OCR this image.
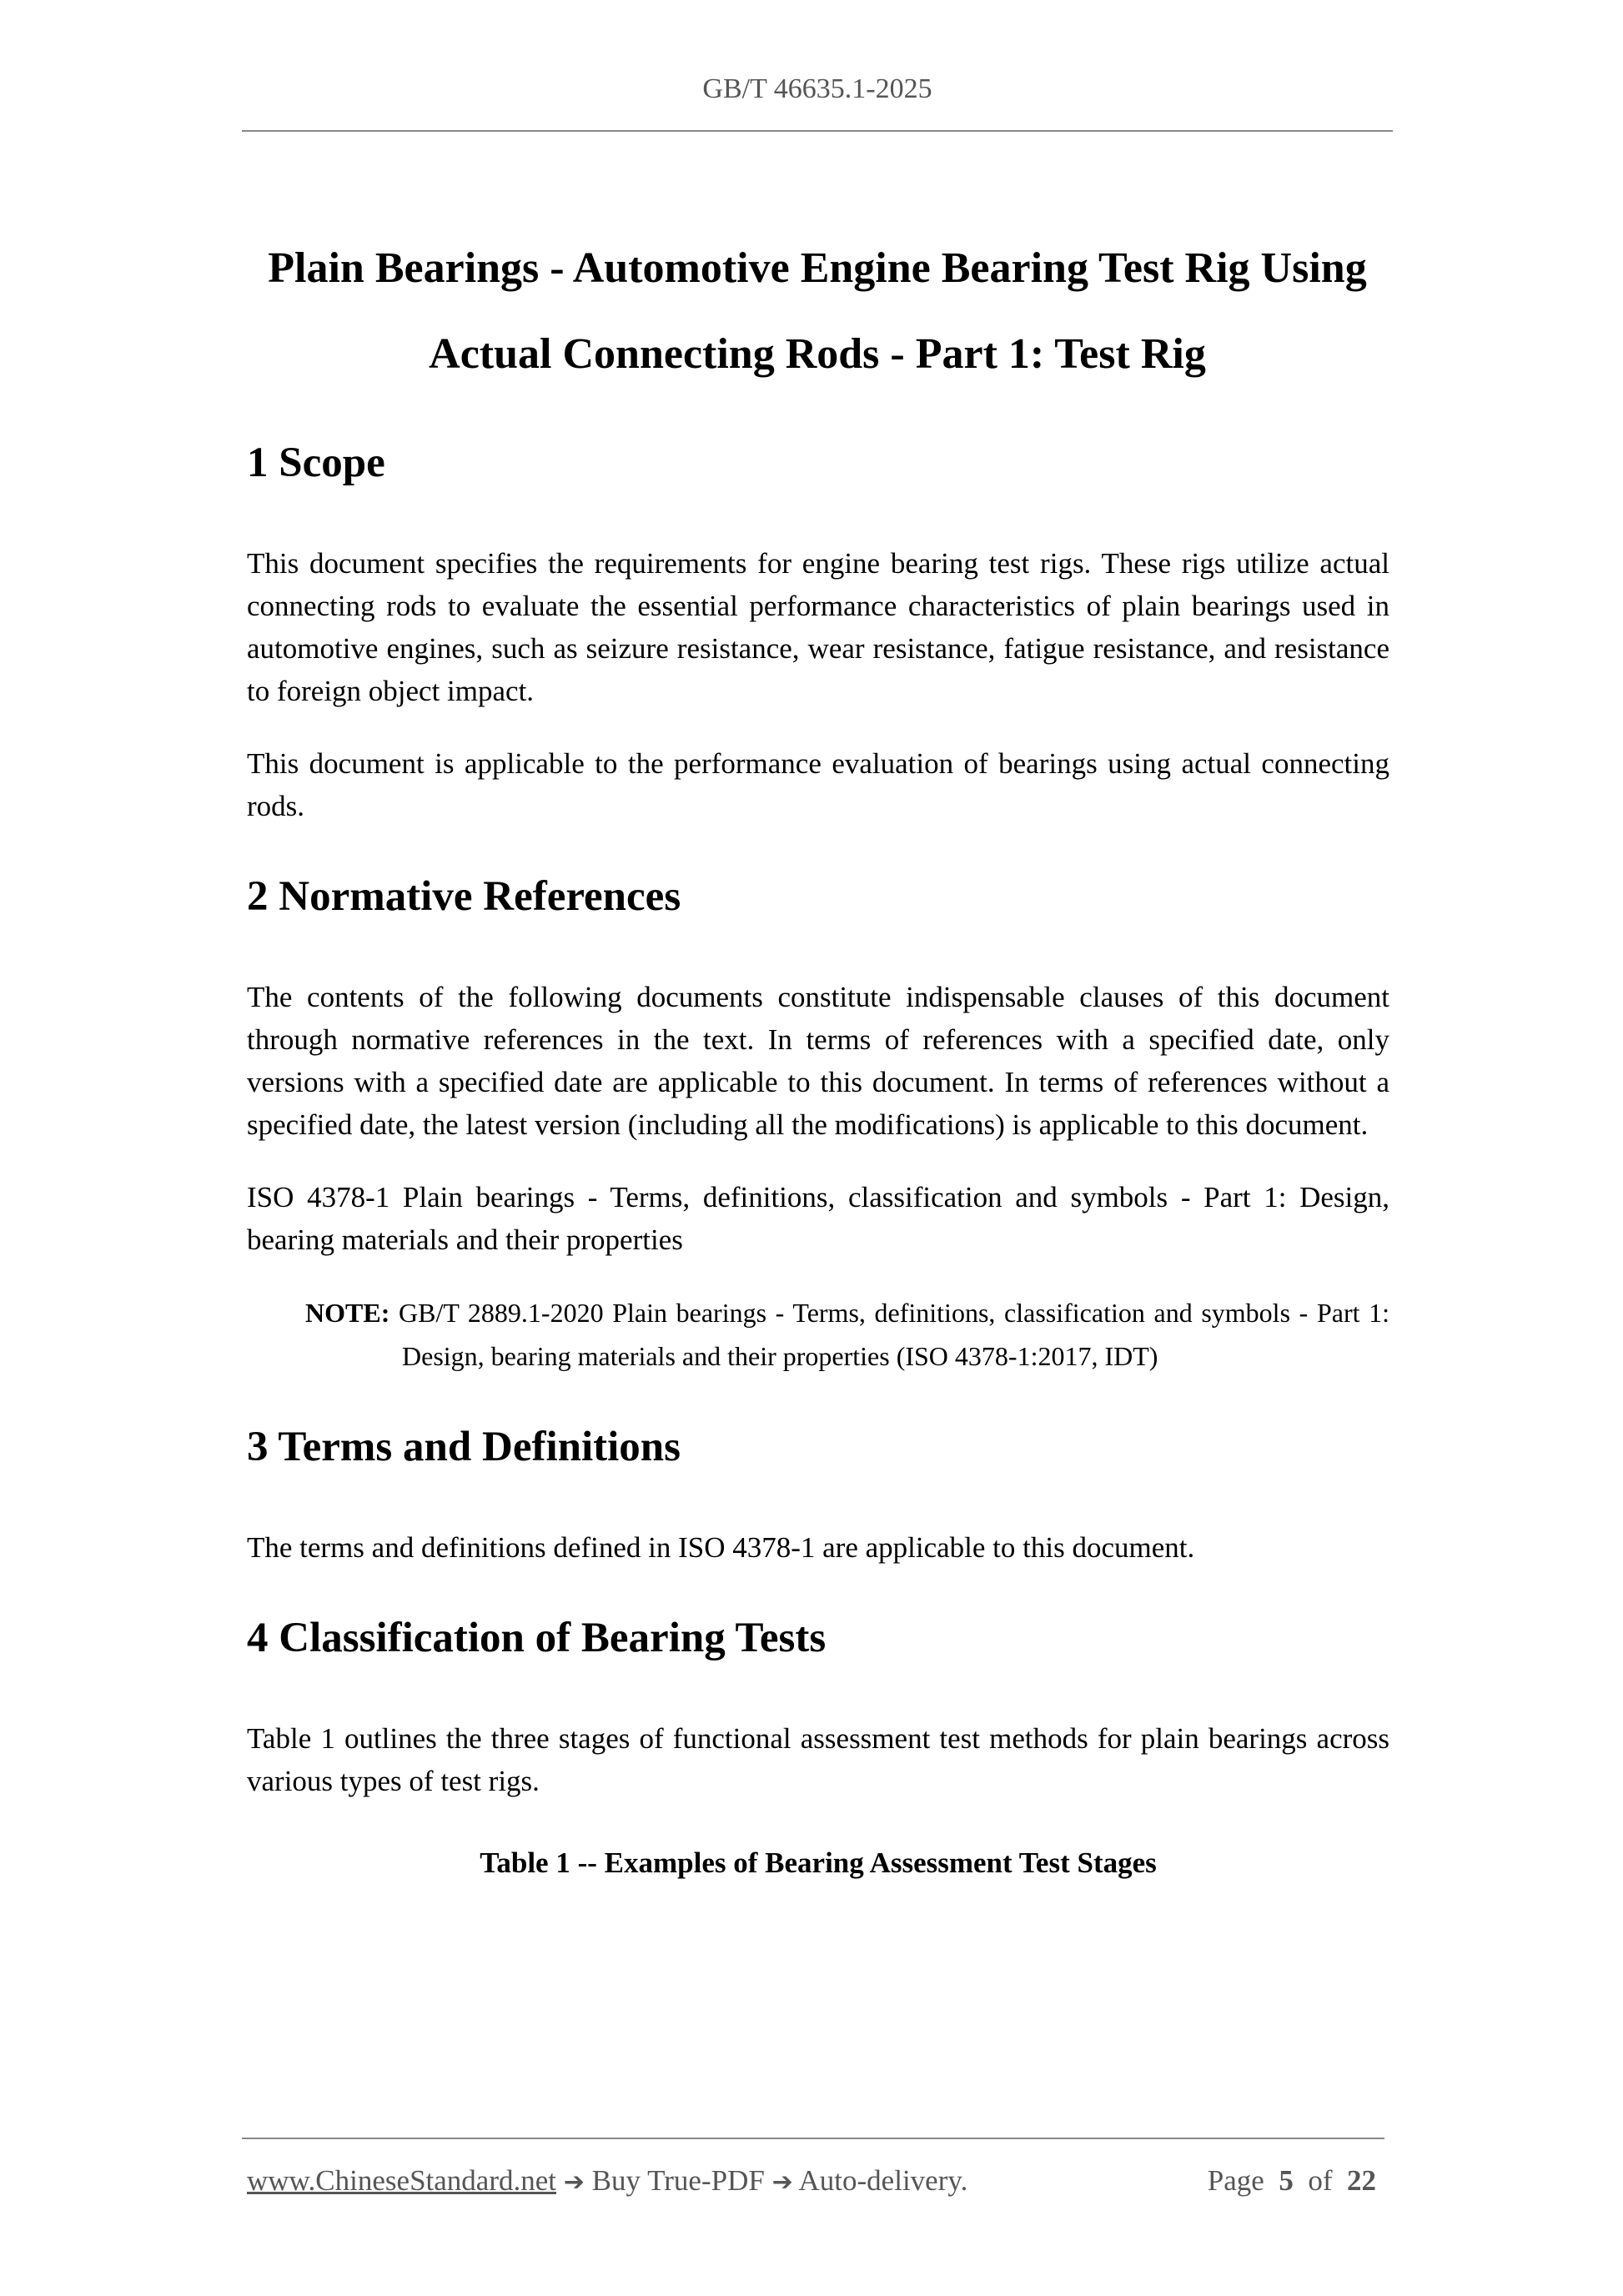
GB/T 46635.1-2025
Plain Bearings - Automotive Engine Bearing Test Rig Using
Actual Connecting Rods - Part 1: Test Rig
1 Scope

This document specifies the requirements for engine bearing test rigs. These rigs utilize actual connecting rods to evaluate the essential performance characteristics of plain bearings used in automotive engines, such as seizure resistance, wear resistance, fatigue resistance, and resistance to foreign object impact.

This document is applicable to the performance evaluation of bearings using actual connecting rods.

2 Normative References

The contents of the following documents constitute indispensable clauses of this document through normative references in the text. In terms of references with a specified date, only versions with a specified date are applicable to this document. In terms of references without a specified date, the latest version (including all the modifications) is applicable to this document.

ISO 4378-1 Plain bearings - Terms, definitions, classification and symbols - Part 1: Design, bearing materials and their properties

NOTE: GB/T 2889.1-2020 Plain bearings - Terms, definitions, classification and symbols - Part 1: Design, bearing materials and their properties (ISO 4378-1:2017, IDT)
3 Terms and Definitions

The terms and definitions defined in ISO 4378-1 are applicable to this document.

4 Classification of Bearing Tests

Table 1 outlines the three stages of functional assessment test methods for plain bearings across various types of test rigs.

Table 1 -- Examples of Bearing Assessment Test Stages
www.ChineseStandard.net ➔ Buy True-PDF ➔ Auto-delivery.	Page 5 of 22
